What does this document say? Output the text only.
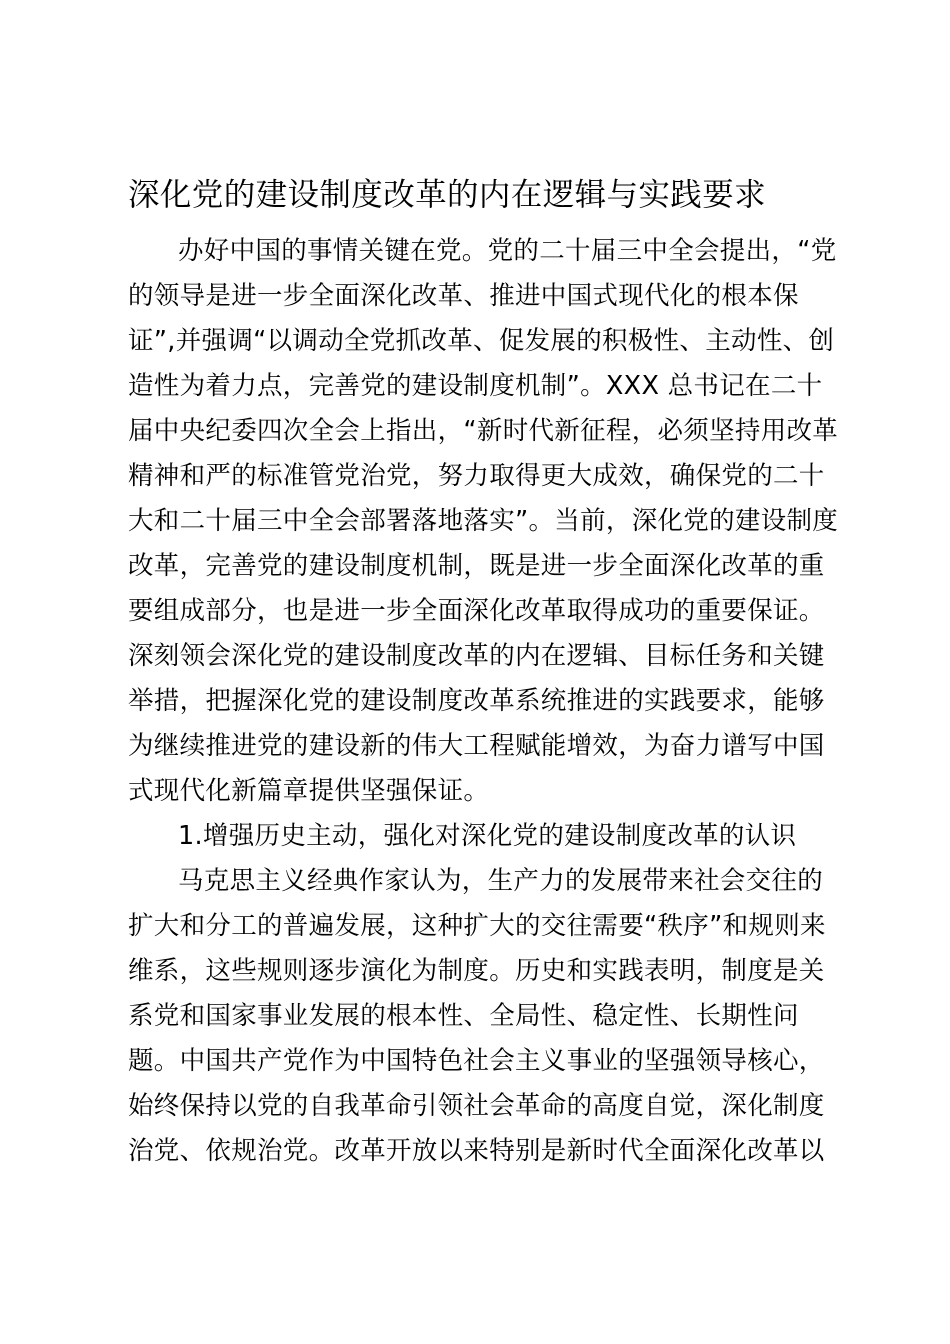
深化党的建设制度改革的内在逻辑与实践要求

办好中国的事情关键在党。党的二十届三中全会提出，“党

的领导是进一步全面深化改革、推进中国式现代化的根本保

证”,并强调“以调动全党抓改革、促发展的积极性、主动性、创

造性为着力点，完善党的建设制度机制”。XXX 总书记在二十

届中央纪委四次全会上指出，“新时代新征程，必须坚持用改革

精神和严的标准管党治党，努力取得更大成效，确保党的二十

大和二十届三中全会部署落地落实”。当前，深化党的建设制度

改革，完善党的建设制度机制，既是进一步全面深化改革的重

要组成部分，也是进一步全面深化改革取得成功的重要保证。

深刻领会深化党的建设制度改革的内在逻辑、目标任务和关键

举措，把握深化党的建设制度改革系统推进的实践要求，能够

为继续推进党的建设新的伟大工程赋能增效，为奋力谱写中国

式现代化新篇章提供坚强保证。

1.增强历史主动，强化对深化党的建设制度改革的认识

马克思主义经典作家认为，生产力的发展带来社会交往的

扩大和分工的普遍发展，这种扩大的交往需要“秩序”和规则来

维系，这些规则逐步演化为制度。历史和实践表明，制度是关

系党和国家事业发展的根本性、全局性、稳定性、长期性问

题。中国共产党作为中国特色社会主义事业的坚强领导核心，

始终保持以党的自我革命引领社会革命的高度自觉，深化制度

治党、依规治党。改革开放以来特别是新时代全面深化改革以
